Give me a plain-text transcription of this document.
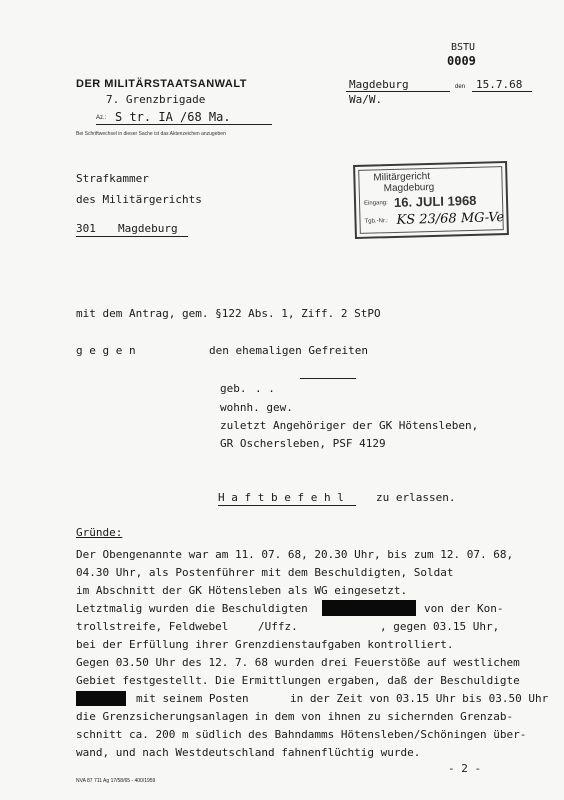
BSTU
0009
DER MILITÄRSTAATSANWALT
7. Grenzbrigade
Az.: S tr. IA /68 Ma.
Bei Schriftwechsel in dieser Sache ist das Aktenzeichen anzugeben
Magdeburg	den 15.7.68
Wa/W.
Strafkammer
des Militärgerichts
301 Magdeburg
Militärgericht
Magdeburg
Eingang: 16. JULI 1968
Tgb.-Nr.: KS 23/68 MG-Ve
mit dem Antrag, gem. §122 Abs. 1, Ziff. 2 StPO
g e g e n	den ehemaligen Gefreiten
geb. . .
wohnh. gew.
zuletzt Angehöriger der GK Hötensleben,
GR Oschersleben, PSF 4129
H a f t b e f e h l	zu erlassen.
Gründe:
Der Obengenannte war am 11. 07. 68, 20.30 Uhr, bis zum 12. 07. 68,
04.30 Uhr, als Postenführer mit dem Beschuldigten, Soldat
im Abschnitt der GK Hötensleben als WG eingesetzt.
Letztmalig wurden die Beschuldigten	von der Kon-
trollstreife, Feldwebel	/Uffz.	, gegen 03.15 Uhr,
bei der Erfüllung ihrer Grenzdienstaufgaben kontrolliert.
Gegen 03.50 Uhr des 12. 7. 68 wurden drei Feuerstöße auf westlichem
Gebiet festgestellt. Die Ermittlungen ergaben, daß der Beschuldigte
mit seinem Posten	in der Zeit von 03.15 Uhr bis 03.50 Uhr
die Grenzsicherungsanlagen in dem von ihnen zu sichernden Grenzab-
schnitt ca. 200 m südlich des Bahndamms Hötensleben/Schöningen über-
wand, und nach Westdeutschland fahnenflüchtig wurde.
- 2 -
NVA 87 711 Ag 17/58/65 - 400/1959
